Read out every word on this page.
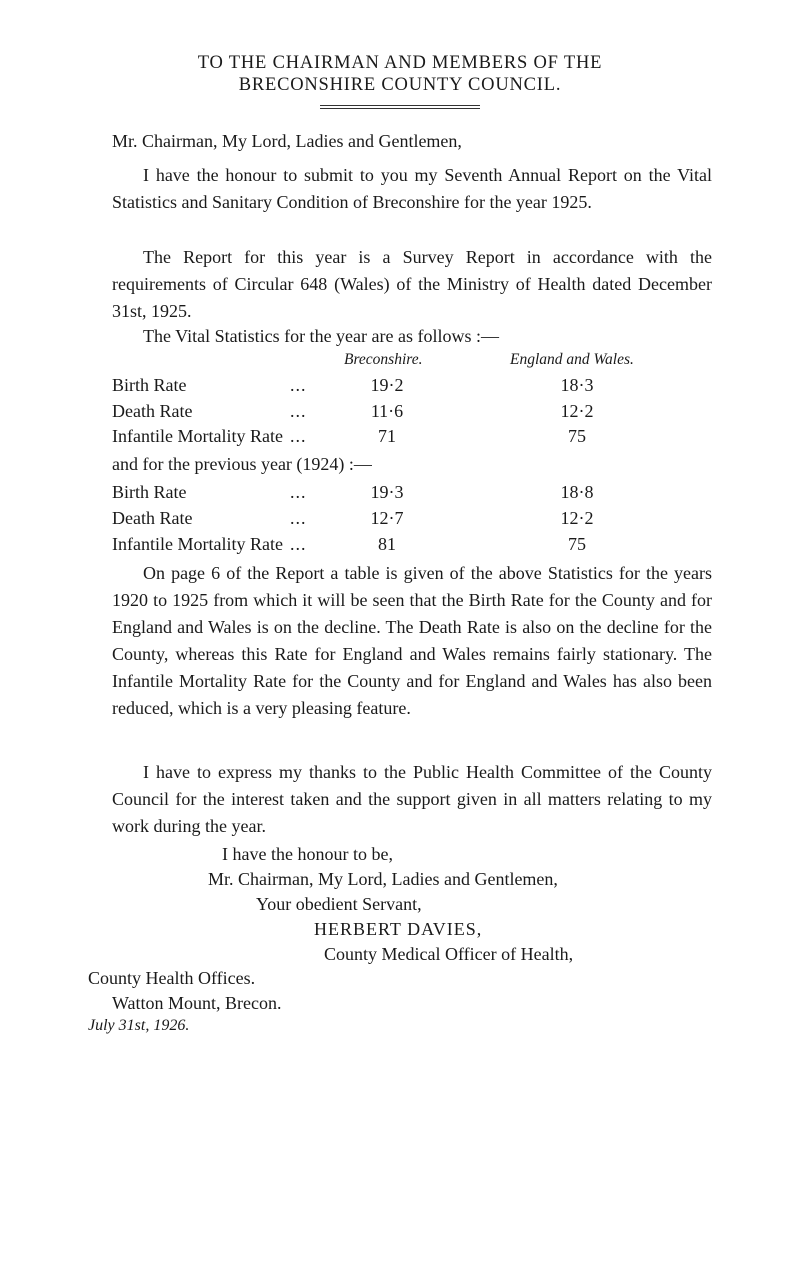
TO THE CHAIRMAN AND MEMBERS OF THE
BRECONSHIRE COUNTY COUNCIL.

Mr. Chairman, My Lord, Ladies and Gentlemen,

I have the honour to submit to you my Seventh Annual Report on the Vital Statistics and Sanitary Condition of Breconshire for the year 1925.

The Report for this year is a Survey Report in accordance with the requirements of Circular 648 (Wales) of the Ministry of Health dated December 31st, 1925.

The Vital Statistics for the year are as follows :—

Breconshire.	England and Wales.
Birth Rate	...	19·2	18·3
Death Rate	...	11·6	12·2
Infantile Mortality Rate ...	71	75
and for the previous year (1924) :—
Birth Rate	...	19·3	18·8
Death Rate	...	12·7	12·2
Infantile Mortality Rate ...	81	75

On page 6 of the Report a table is given of the above Statistics for the years 1920 to 1925 from which it will be seen that the Birth Rate for the County and for England and Wales is on the decline. The Death Rate is also on the decline for the County, whereas this Rate for England and Wales remains fairly stationary. The Infantile Mortality Rate for the County and for England and Wales has also been reduced, which is a very pleasing feature.

I have to express my thanks to the Public Health Committee of the County Council for the interest taken and the support given in all matters relating to my work during the year.

I have the honour to be,
Mr. Chairman, My Lord, Ladies and Gentlemen,
Your obedient Servant,
HERBERT DAVIES,
County Medical Officer of Health,
County Health Offices.
Watton Mount, Brecon.
July 31st, 1926.
